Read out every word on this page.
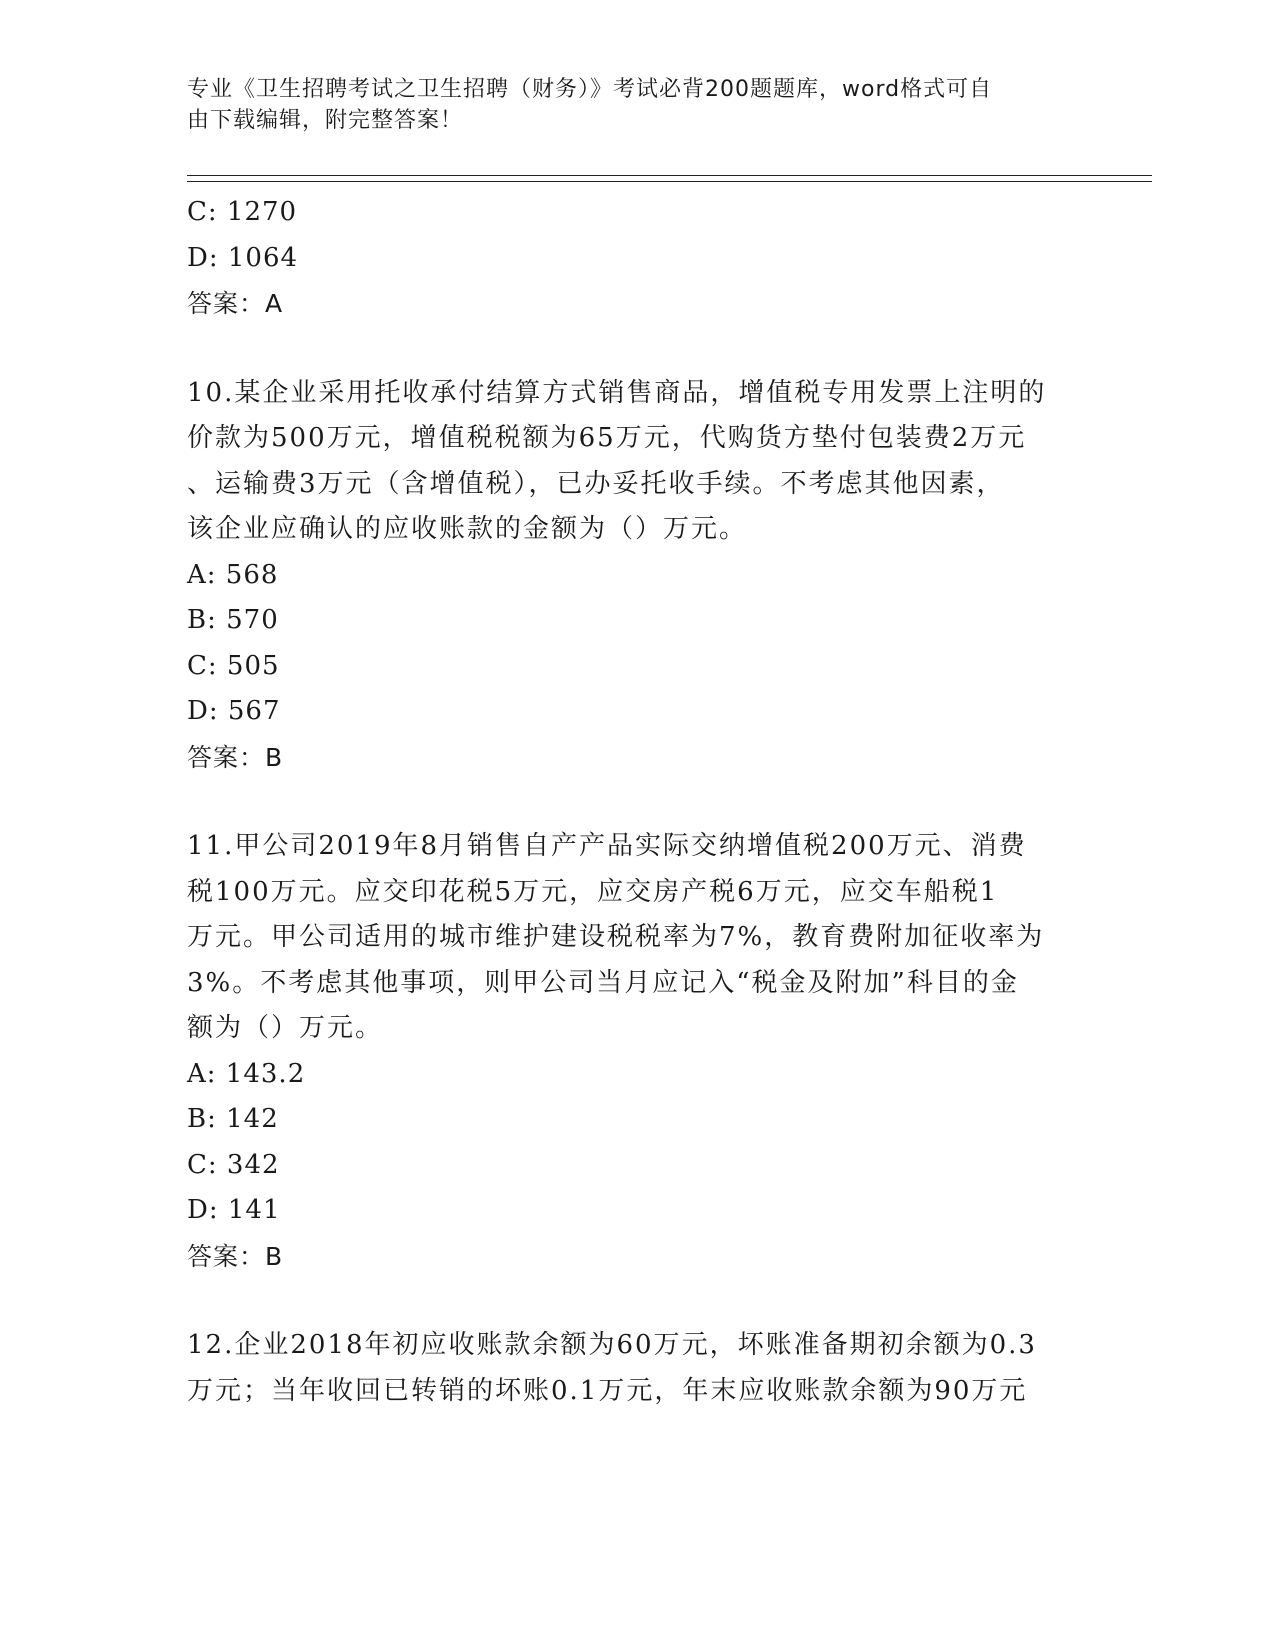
专业《卫生招聘考试之卫生招聘（财务）》考试必背200题题库，word格式可自
由下载编辑，附完整答案！
C: 1270
D: 1064
答案：A
10.某企业采用托收承付结算方式销售商品，增值税专用发票上注明的
价款为500万元，增值税税额为65万元，代购货方垫付包装费2万元
、运输费3万元（含增值税），已办妥托收手续。不考虑其他因素，
该企业应确认的应收账款的金额为（）万元。
A: 568
B: 570
C: 505
D: 567
答案：B
11.甲公司2019年8月销售自产产品实际交纳增值税200万元、消费
税100万元。应交印花税5万元，应交房产税6万元，应交车船税1
万元。甲公司适用的城市维护建设税税率为7%，教育费附加征收率为
3%。不考虑其他事项，则甲公司当月应记入“税金及附加”科目的金
额为（）万元。
A: 143.2
B: 142
C: 342
D: 141
答案：B
12.企业2018年初应收账款余额为60万元，坏账准备期初余额为0.3
万元；当年收回已转销的坏账0.1万元，年末应收账款余额为90万元
